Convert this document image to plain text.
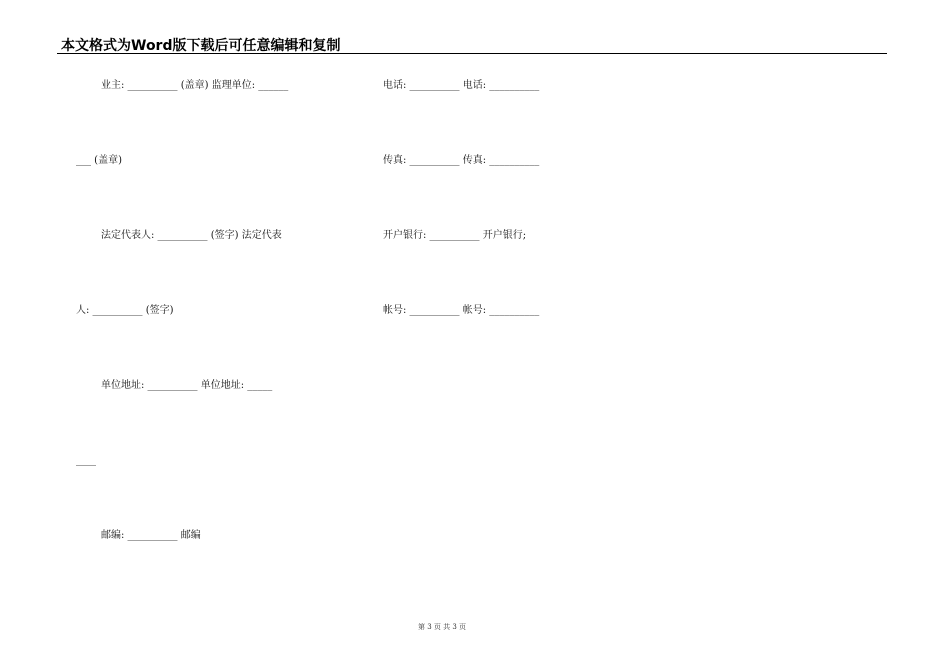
本文格式为Word版下载后可任意编辑和复制
业主: __________ (盖章) 监理单位: ______
___ (盖章)
法定代表人: __________ (签字) 法定代表
人: __________ (签字)
单位地址: __________ 单位地址: _____
____
邮编: __________ 邮编
电话: __________ 电话: __________
传真: __________ 传真: __________
开户银行: __________ 开户银行;
帐号: __________ 帐号: __________
第 3 页 共 3 页
